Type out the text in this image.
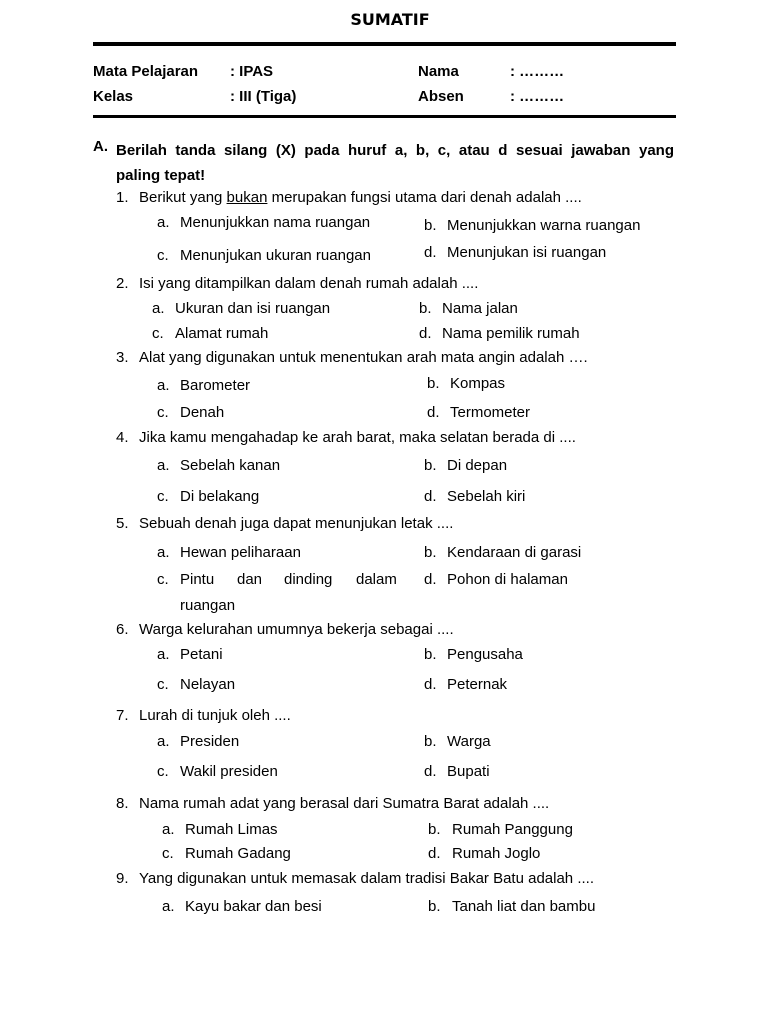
SUMATIF
Mata Pelajaran : IPAS
Kelas	: III (Tiga)
Nama	: ………
Absen	: ………
A. Berilah tanda silang (X) pada huruf a, b, c, atau d sesuai jawaban yang
paling tepat!
1. Berikut yang bukan merupakan fungsi utama dari denah adalah ....
a. Menunjukkan nama ruangan	b. Menunjukkan warna ruangan
c. Menunjukan ukuran ruangan	d. Menunjukan isi ruangan
2. Isi yang ditampilkan dalam denah rumah adalah ....
a. Ukuran dan isi ruangan	b. Nama jalan
c. Alamat rumah	d. Nama pemilik rumah
3. Alat yang digunakan untuk menentukan arah mata angin adalah ….
a. Barometer	b. Kompas
c. Denah	d. Termometer
4. Jika kamu mengahadap ke arah barat, maka selatan berada di ....
a. Sebelah kanan	b. Di depan
c. Di belakang	d. Sebelah kiri
5. Sebuah denah juga dapat menunjukan letak ....
a. Hewan peliharaan	b. Kendaraan di garasi
c. Pintu dan dinding dalam
ruangan
d. Pohon di halaman
6. Warga kelurahan umumnya bekerja sebagai ....
a. Petani	b. Pengusaha
c. Nelayan	d. Peternak
7. Lurah di tunjuk oleh ....
a. Presiden	b. Warga
c. Wakil presiden	d. Bupati
8. Nama rumah adat yang berasal dari Sumatra Barat adalah ....
a. Rumah Limas	b. Rumah Panggung
c. Rumah Gadang	d. Rumah Joglo
9. Yang digunakan untuk memasak dalam tradisi Bakar Batu adalah ....
a. Kayu bakar dan besi	b. Tanah liat dan bambu
